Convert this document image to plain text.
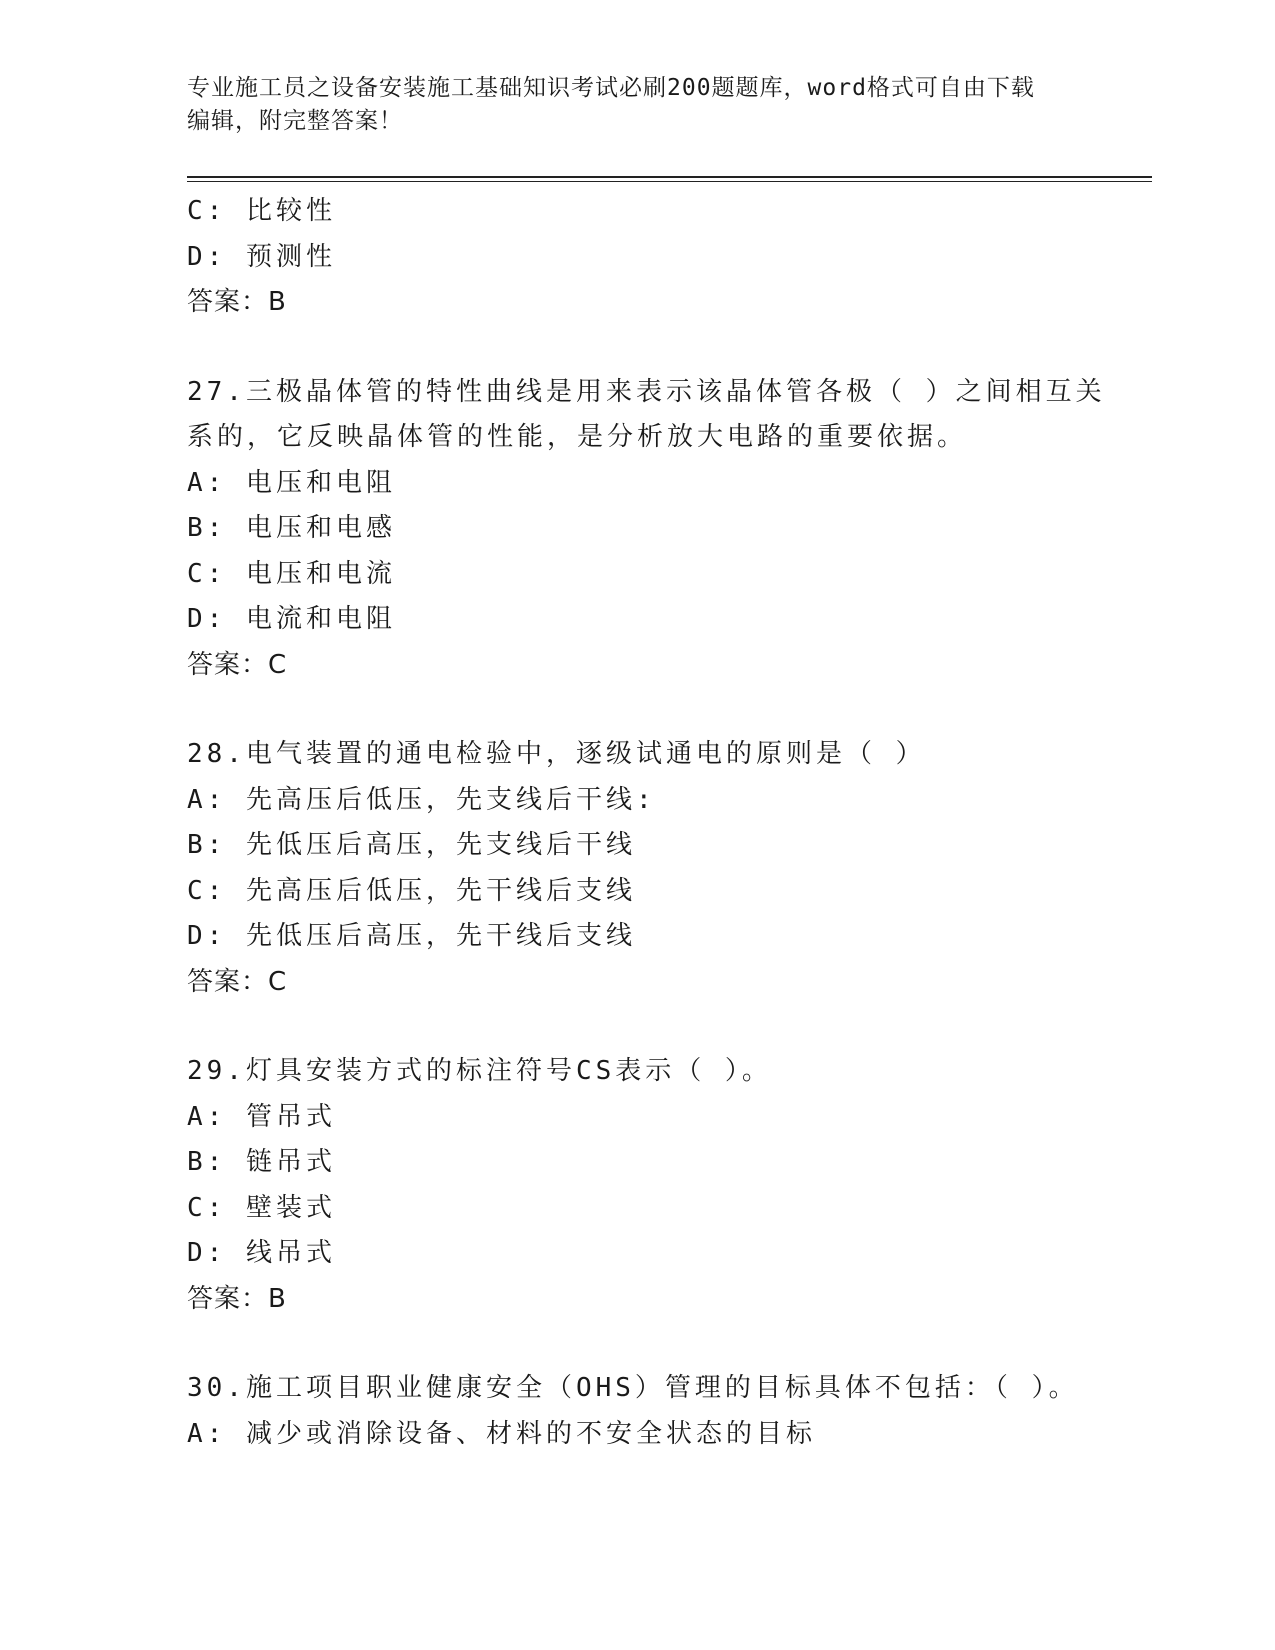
专业施工员之设备安装施工基础知识考试必刷200题题库，word格式可自由下载
编辑，附完整答案！
C: 比较性
D: 预测性
答案：B
27.三极晶体管的特性曲线是用来表示该晶体管各极（ ）之间相互关
系的，它反映晶体管的性能，是分析放大电路的重要依据。
A: 电压和电阻
B: 电压和电感
C: 电压和电流
D: 电流和电阻
答案：C
28.电气装置的通电检验中，逐级试通电的原则是（ ）
A: 先高压后低压，先支线后干线:
B: 先低压后高压，先支线后干线
C: 先高压后低压，先干线后支线
D: 先低压后高压，先干线后支线
答案：C
29.灯具安装方式的标注符号CS表示（ ）。
A: 管吊式
B: 链吊式
C: 壁装式
D: 线吊式
答案：B
30.施工项目职业健康安全（OHS）管理的目标具体不包括：（ ）。
A: 减少或消除设备、材料的不安全状态的目标
